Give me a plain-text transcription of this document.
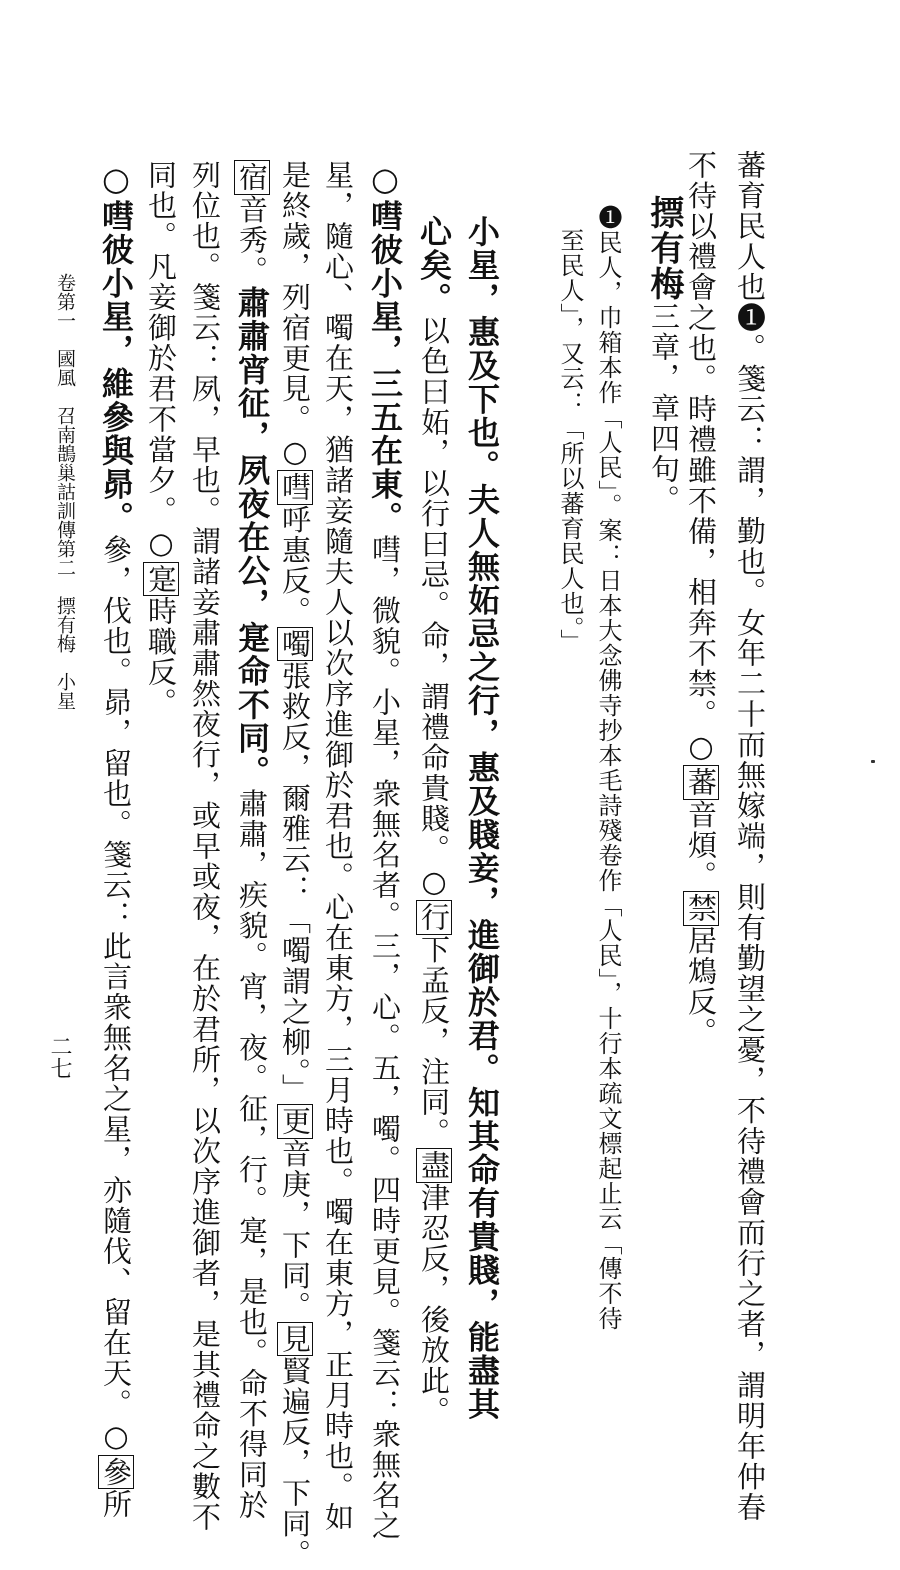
蕃育民人也❶。箋云：謂，勤也。女年二十而無嫁端，則有勤望之憂，不待禮會而行之者，謂明年仲春
不待以禮會之也。時禮雖不備，相奔不禁。○蕃音煩。禁居鴆反。
摽有梅三章，章四句。
❶民人，巾箱本作「人民」。案：日本大念佛寺抄本毛詩殘卷作「人民」，十行本疏文標起止云「傳不待
至民人」，又云：「所以蕃育民人也。」
小星，惠及下也。夫人無妬忌之行，惠及賤妾，進御於君。知其命有貴賤，能盡其
心矣。以色曰妬，以行曰忌。命，謂禮命貴賤。○行下孟反，注同。盡津忍反，後放此。
○嘒彼小星，三五在東。嘒，微貌。小星，衆無名者。三，心。五，噣。四時更見。箋云：衆無名之
星，隨心、噣在天，猶諸妾隨夫人以次序進御於君也。心在東方，三月時也。噣在東方，正月時也。如
是終歲，列宿更見。○嘒呼惠反。噣張救反，爾雅云：「噣謂之柳。」更音庚，下同。見賢遍反，下同。
宿音秀。肅肅宵征，夙夜在公，寔命不同。肅肅，疾貌。宵，夜。征，行。寔，是也。命不得同於
列位也。箋云：夙，早也。謂諸妾肅肅然夜行，或早或夜，在於君所，以次序進御者，是其禮命之數不
同也。凡妾御於君不當夕。○寔時職反。
○嘒彼小星，維參與昴。參，伐也。昴，留也。箋云：此言衆無名之星，亦隨伐、留在天。○參所
卷第一　國風　召南鵲巢詁訓傳第二　摽有梅　小星
二七
